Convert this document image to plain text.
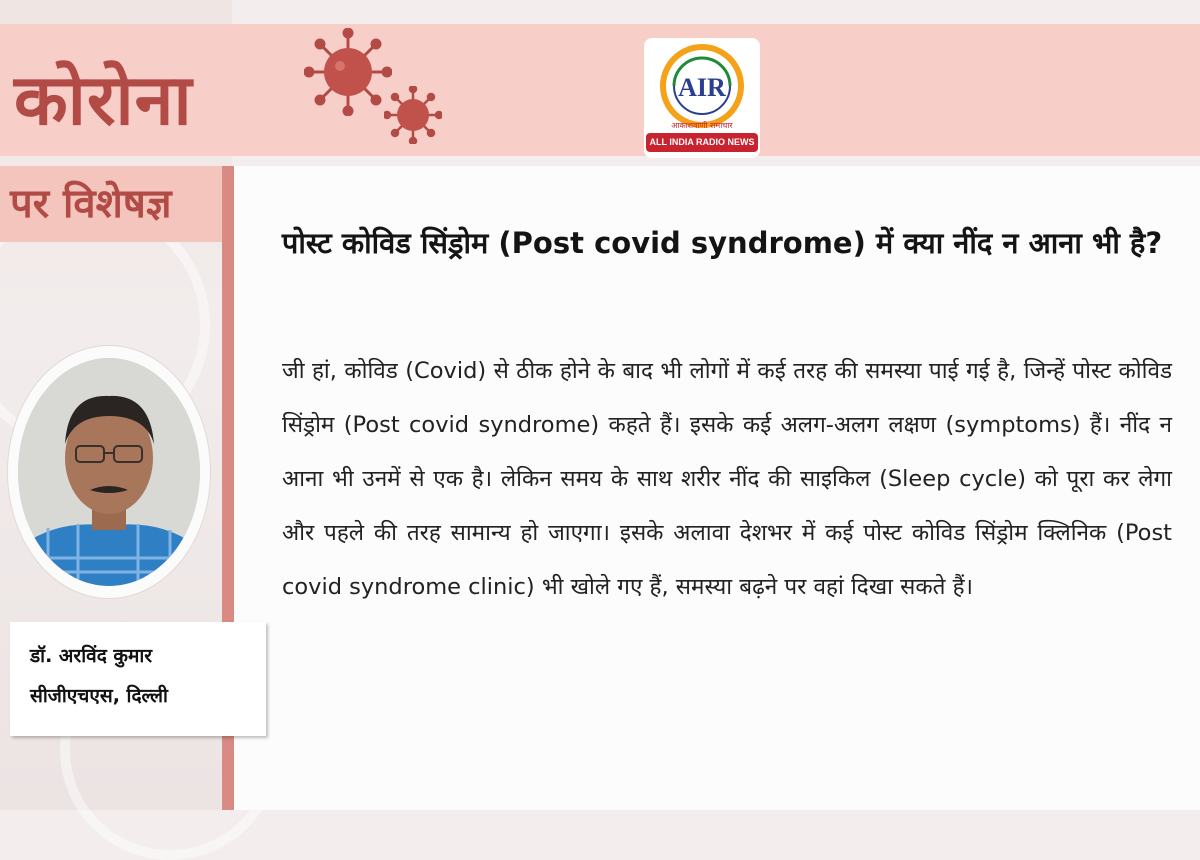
कोरोना	AIR
आकाशवाणी समाचार
ALL INDIA RADIO NEWS
पर विशेषज्ञ
पोस्ट कोविड सिंड्रोम (Post covid syndrome) में क्या नींद न आना भी है?
जी हां, कोविड (Covid) से ठीक होने के बाद भी लोगों में कई तरह की समस्या पाई गई है, जिन्हें पोस्ट कोविड सिंड्रोम (Post covid syndrome) कहते हैं। इसके कई अलग-अलग लक्षण (symptoms) हैं। नींद न आना भी उनमें से एक है। लेकिन समय के साथ शरीर नींद की साइकिल (Sleep cycle) को पूरा कर लेगा और पहले की तरह सामान्य हो जाएगा। इसके अलावा देशभर में कई पोस्ट कोविड सिंड्रोम क्लिनिक (Post covid syndrome clinic) भी खोले गए हैं, समस्या बढ़ने पर वहां दिखा सकते हैं।
डॉ. अरविंद कुमार
सीजीएचएस, दिल्ली
